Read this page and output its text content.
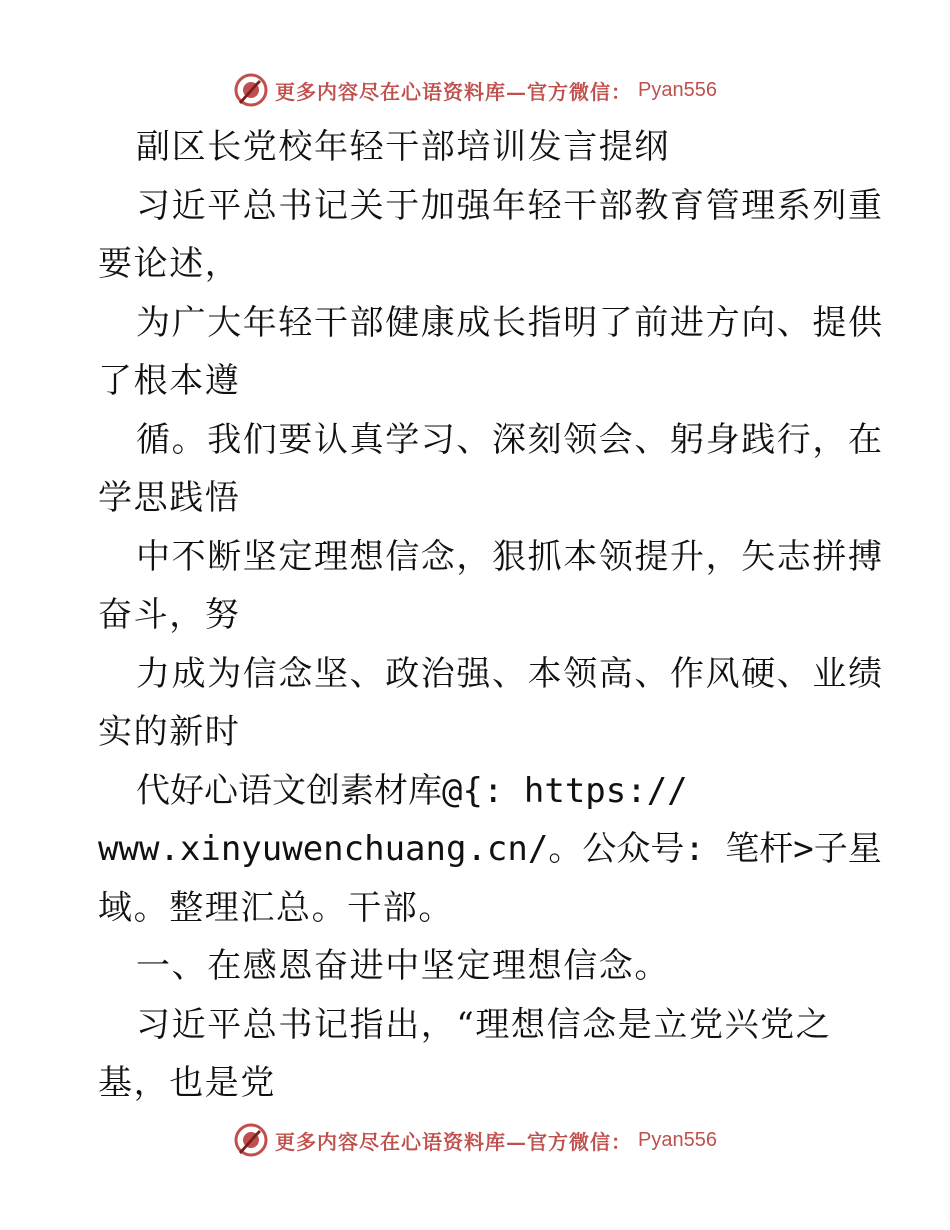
更多内容尽在心语资料库—官方微信： Pyan556
副区长党校年轻干部培训发言提纲
习近平总书记关于加强年轻干部教育管理系列重
要论述，
为广大年轻干部健康成长指明了前进方向、提供
了根本遵
循。我们要认真学习、深刻领会、躬身践行，在
学思践悟
中不断坚定理想信念，狠抓本领提升，矢志拼搏
奋斗，努
力成为信念坚、政治强、本领高、作风硬、业绩
实的新时
代好心语文创素材库@{: https://
www.xinyuwenchuang.cn/。公众号: 笔杆>子星
域。整理汇总。干部。
一、在感恩奋进中坚定理想信念。
习近平总书记指出，“理想信念是立党兴党之
基，也是党
更多内容尽在心语资料库—官方微信： Pyan556
